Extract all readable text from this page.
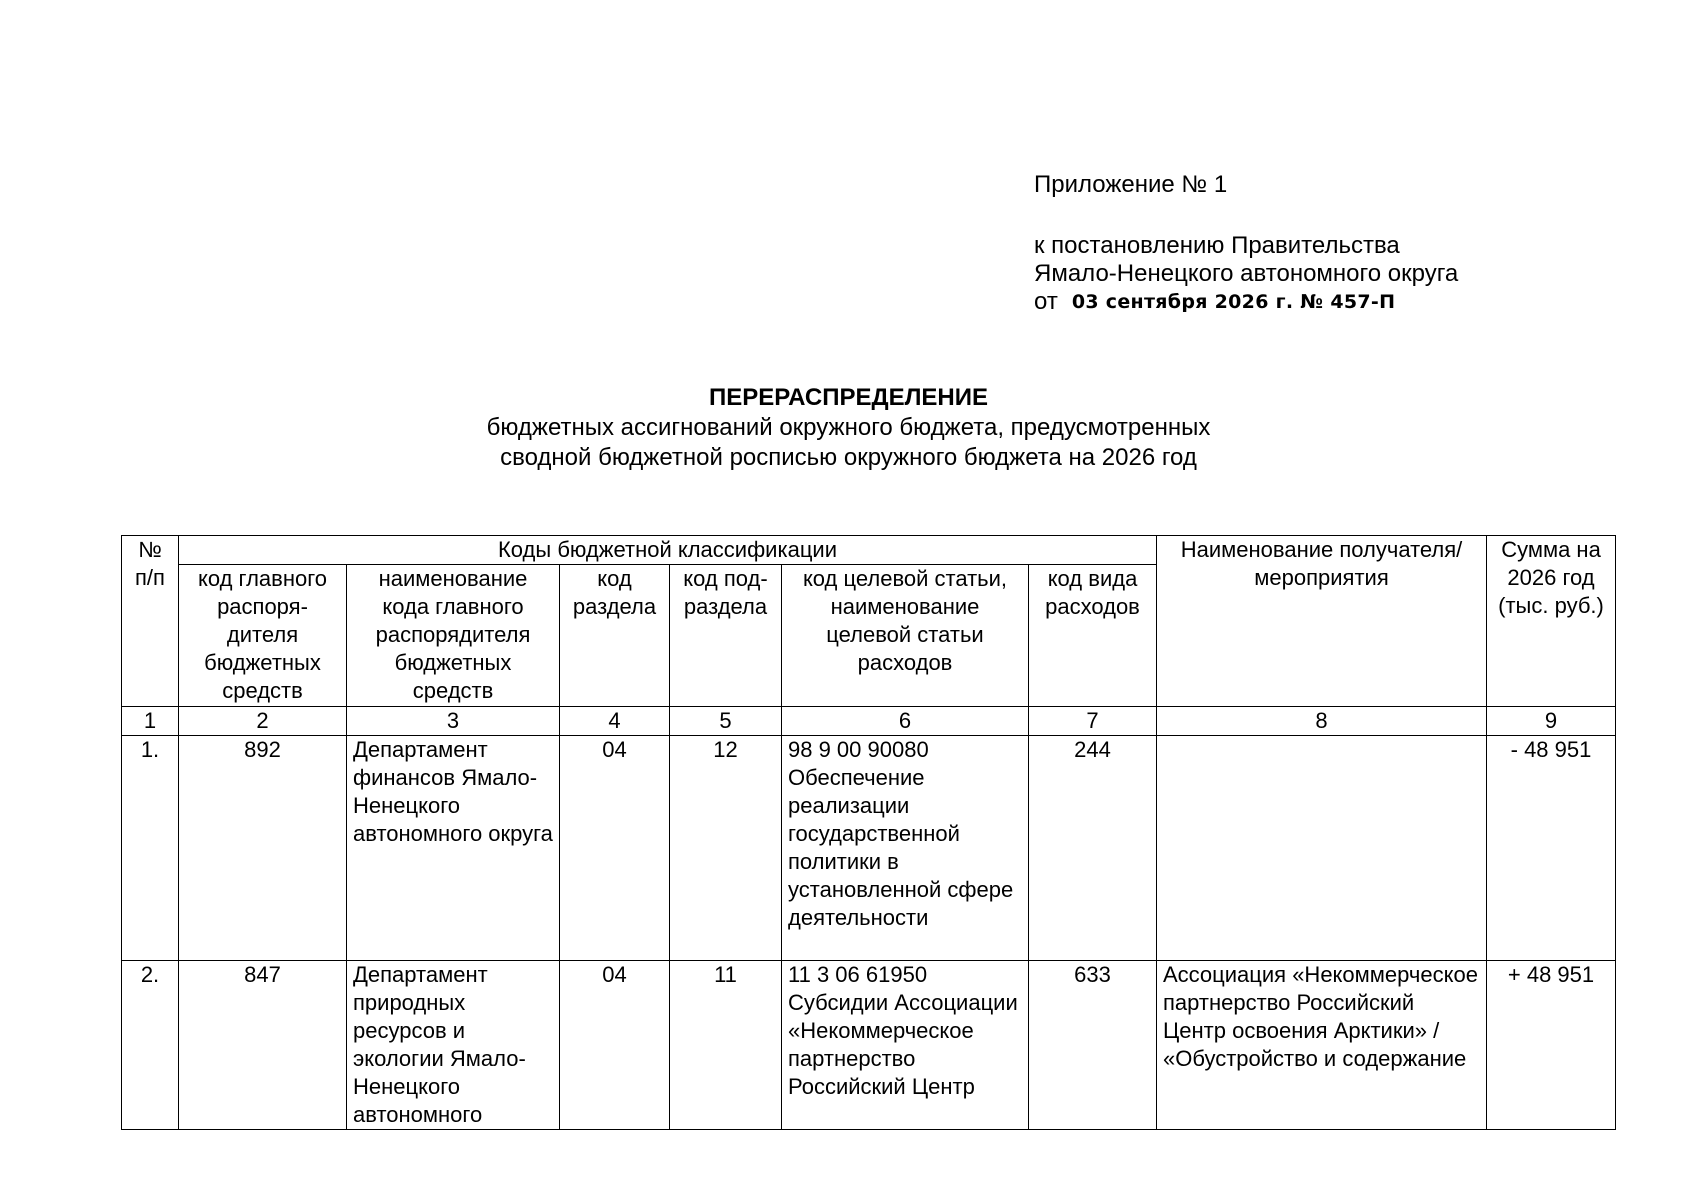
Приложение № 1
к постановлению Правительства
Ямало-Ненецкого автономного округа
от 03 сентября 2026 г. № 457-П
ПЕРЕРАСПРЕДЕЛЕНИЕ
бюджетных ассигнований окружного бюджета, предусмотренных
сводной бюджетной росписью окружного бюджета на 2026 год
№ п/п	Коды бюджетной классификации						Наименование получателя/мероприятия	Сумма на 2026 год (тыс. руб.)
	код главного распоря-дителя бюджетных средств	наименование кода главного распорядителя бюджетных средств	код раздела	код под-раздела	код целевой статьи, наименование целевой статьи расходов	код вида расходов		
1	2	3	4	5	6	7	8	9
1.	892	Департамент финансов Ямало-Ненецкого автономного округа	04	12	98 9 00 90080 Обеспечение реализации государственной политики в установленной сфере деятельности	244		- 48 951

2.	847	Департамент природных ресурсов и экологии Ямало-Ненецкого автономного	04	11	11 3 06 61950 Субсидии Ассоциации «Некоммерческое партнерство Российский Центр	633	Ассоциация «Некоммерческое партнерство Российский Центр освоения Арктики» / «Обустройство и содержание	+ 48 951
